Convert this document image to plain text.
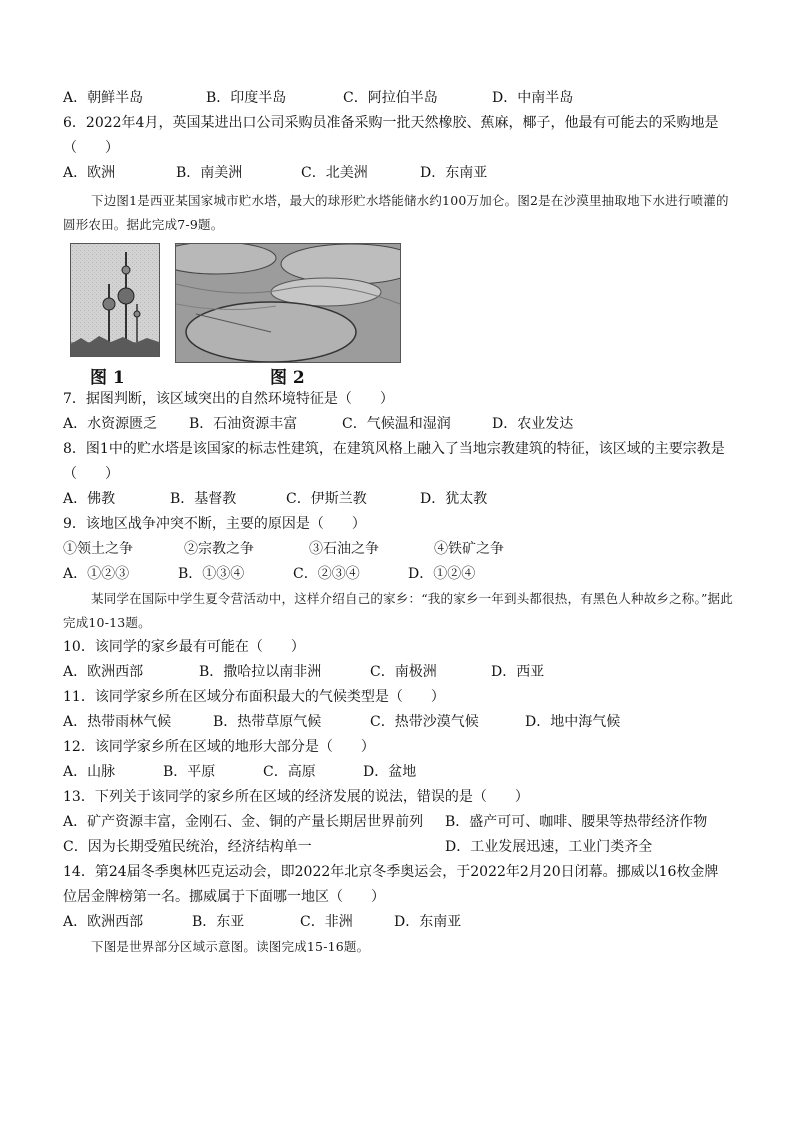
A．朝鲜半岛	B．印度半岛	C．阿拉伯半岛	D．中南半岛
6．2022年4月，英国某进出口公司采购员准备采购一批天然橡胶、蕉麻，椰子，他最有可能去的采购地是
（　　）
A．欧洲	B．南美洲	C．北美洲	D．东南亚
下边图1是西亚某国家城市贮水塔，最大的球形贮水塔能储水约100万加仑。图2是在沙漠里抽取地下水进行喷灌的圆形农田。据此完成7-9题。
图 1	图 2
7．据图判断，该区域突出的自然环境特征是（　　）
A．水资源匮乏 B．石油资源丰富	C．气候温和湿润	D．农业发达
8．图1中的贮水塔是该国家的标志性建筑，在建筑风格上融入了当地宗教建筑的特征，该区域的主要宗教是
（　　）
A．佛教	B．基督教	C．伊斯兰教	D．犹太教
9．该地区战争冲突不断，主要的原因是（　　）
①领土之争	②宗教之争	③石油之争	④铁矿之争
A．①②③	B．①③④	C．②③④	D．①②④
某同学在国际中学生夏令营活动中，这样介绍自己的家乡：“我的家乡一年到头都很热，有黑色人种故乡之称。”据此完成10-13题。
10．该同学的家乡最有可能在（　　）
A．欧洲西部	B．撒哈拉以南非洲	C．南极洲	D．西亚
11．该同学家乡所在区域分布面积最大的气候类型是（　　）
A．热带雨林气候	B．热带草原气候	C．热带沙漠气候	D．地中海气候
12．该同学家乡所在区域的地形大部分是（　　）
A．山脉	B．平原	C．高原	D．盆地
13．下列关于该同学的家乡所在区域的经济发展的说法，错误的是（　　）
A．矿产资源丰富，金刚石、金、铜的产量长期居世界前列 B．盛产可可、咖啡、腰果等热带经济作物
C．因为长期受殖民统治，经济结构单一	D．工业发展迅速，工业门类齐全
14．第24届冬季奥林匹克运动会，即2022年北京冬季奥运会，于2022年2月20日闭幕。挪威以16枚金牌
位居金牌榜第一名。挪威属于下面哪一地区（　　）
A．欧洲西部	B．东亚	C．非洲	D．东南亚
下图是世界部分区域示意图。读图完成15-16题。
